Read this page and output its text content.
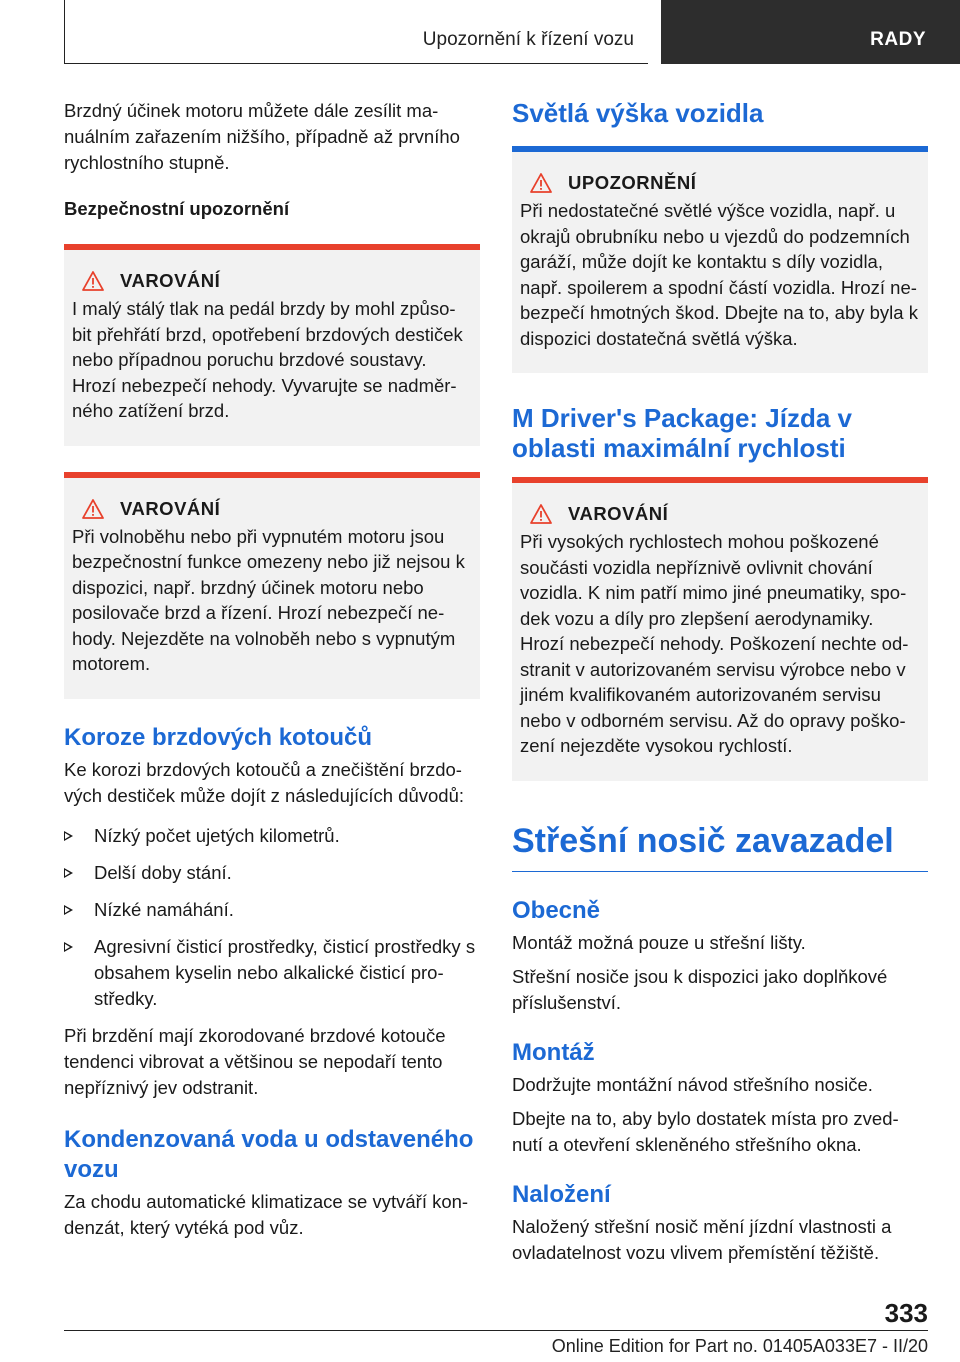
Upozornění k řízení vozu	RADY

Brzdný účinek motoru můžete dále zesílit ma-nuálním zařazením nižšího, případně až prvního rychlostního stupně.

Bezpečnostní upozornění

VAROVÁNÍ

I malý stálý tlak na pedál brzdy by mohl způso-bit přehřátí brzd, opotřebení brzdových destiček nebo případnou poruchu brzdové soustavy. Hrozí nebezpečí nehody. Vyvarujte se nadměr-ného zatížení brzd.

VAROVÁNÍ

Při volnoběhu nebo při vypnutém motoru jsou bezpečnostní funkce omezeny nebo již nejsou k dispozici, např. brzdný účinek motoru nebo posilovače brzd a řízení. Hrozí nebezpečí ne-hody. Nejezděte na volnoběh nebo s vypnutým motorem.

Koroze brzdových kotoučů

Ke korozi brzdových kotoučů a znečištění brzdo-vých destiček může dojít z následujících důvodů:

Nízký počet ujetých kilometrů.
Delší doby stání.
Nízké namáhání.
Agresivní čisticí prostředky, čisticí prostředky s obsahem kyselin nebo alkalické čisticí pro-středky.

Při brzdění mají zkorodované brzdové kotouče tendenci vibrovat a většinou se nepodaří tento nepříznivý jev odstranit.

Kondenzovaná voda u odstaveného vozu

Za chodu automatické klimatizace se vytváří kon-denzát, který vytéká pod vůz.

Světlá výška vozidla
UPOZORNĚNÍ

Při nedostatečné světlé výšce vozidla, např. u okrajů obrubníku nebo u vjezdů do podzemních garáží, může dojít ke kontaktu s díly vozidla, např. spoilerem a spodní částí vozidla. Hrozí ne-bezpečí hmotných škod. Dbejte na to, aby byla k dispozici dostatečná světlá výška.

M Driver's Package: Jízda v oblasti maximální rychlosti
VAROVÁNÍ

Při vysokých rychlostech mohou poškozené součásti vozidla nepříznivě ovlivnit chování vozidla. K nim patří mimo jiné pneumatiky, spo-dek vozu a díly pro zlepšení aerodynamiky. Hrozí nebezpečí nehody. Poškození nechte od-stranit v autorizovaném servisu výrobce nebo v jiném kvalifikovaném autorizovaném servisu nebo v odborném servisu. Až do opravy poško-zení nejezděte vysokou rychlostí.

Střešní nosič zavazadel
Obecně

Montáž možná pouze u střešní lišty.

Střešní nosiče jsou k dispozici jako doplňkové příslušenství.

Montáž

Dodržujte montážní návod střešního nosiče.

Dbejte na to, aby bylo dostatek místa pro zved-nutí a otevření skleněného střešního okna.

Naložení

Naložený střešní nosič mění jízdní vlastnosti a ovladatelnost vozu vlivem přemístění těžiště.

333
Online Edition for Part no. 01405A033E7 - II/20
